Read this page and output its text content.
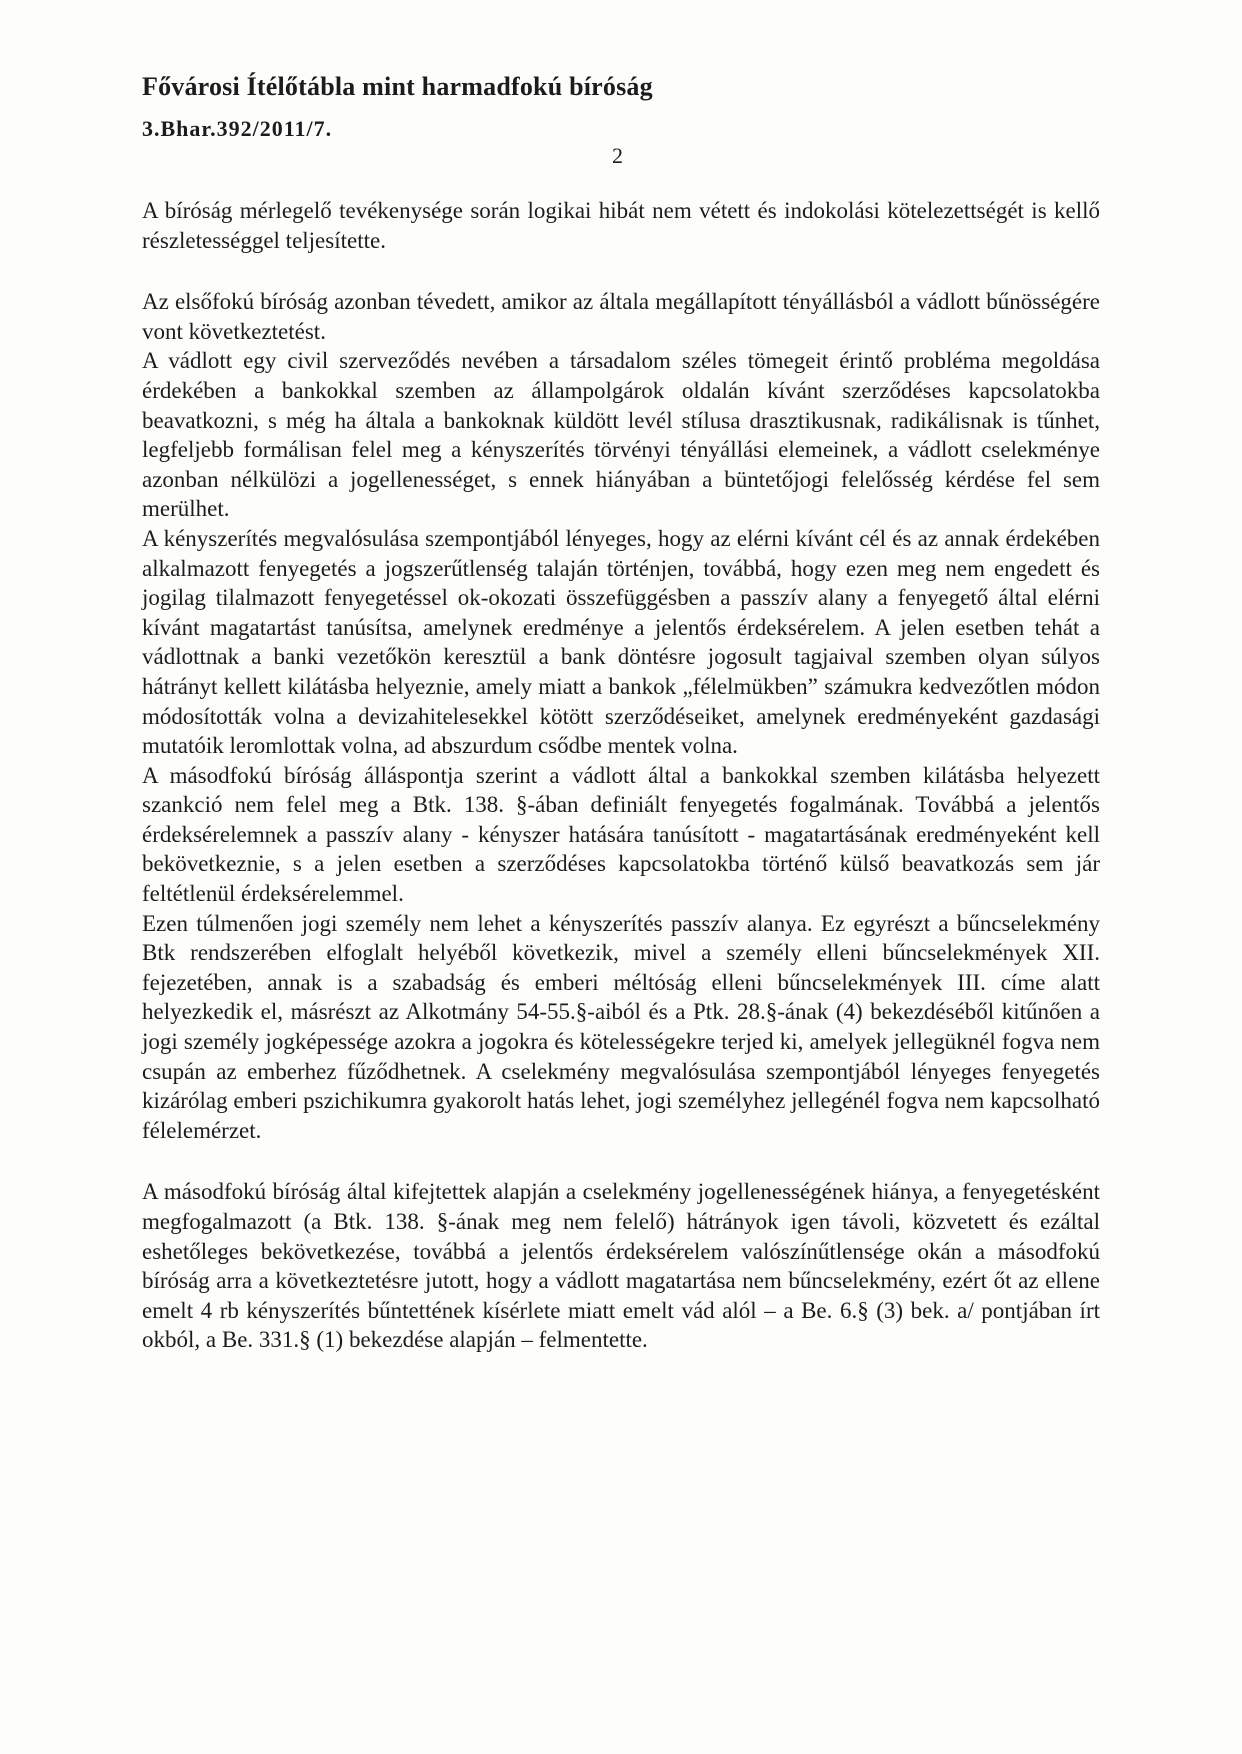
Fővárosi Ítélőtábla mint harmadfokú bíróság
3.Bhar.392/2011/7.
2

A bíróság mérlegelő tevékenysége során logikai hibát nem vétett és indokolási kötelezettségét is kellő részletességgel teljesítette.

Az elsőfokú bíróság azonban tévedett, amikor az általa megállapított tényállásból a vádlott bűnösségére vont következtetést.

A vádlott egy civil szerveződés nevében a társadalom széles tömegeit érintő probléma megoldása érdekében a bankokkal szemben az állampolgárok oldalán kívánt szerződéses kapcsolatokba beavatkozni, s még ha általa a bankoknak küldött levél stílusa drasztikusnak, radikálisnak is tűnhet, legfeljebb formálisan felel meg a kényszerítés törvényi tényállási elemeinek, a vádlott cselekménye azonban nélkülözi a jogellenességet, s ennek hiányában a büntetőjogi felelősség kérdése fel sem merülhet.

A kényszerítés megvalósulása szempontjából lényeges, hogy az elérni kívánt cél és az annak érdekében alkalmazott fenyegetés a jogszerűtlenség talaján történjen, továbbá, hogy ezen meg nem engedett és jogilag tilalmazott fenyegetéssel ok-okozati összefüggésben a passzív alany a fenyegető által elérni kívánt magatartást tanúsítsa, amelynek eredménye a jelentős érdeksérelem. A jelen esetben tehát a vádlottnak a banki vezetőkön keresztül a bank döntésre jogosult tagjaival szemben olyan súlyos hátrányt kellett kilátásba helyeznie, amely miatt a bankok „félelmükben” számukra kedvezőtlen módon módosították volna a devizahitelesekkel kötött szerződéseiket, amelynek eredményeként gazdasági mutatóik leromlottak volna, ad abszurdum csődbe mentek volna.

A másodfokú bíróság álláspontja szerint a vádlott által a bankokkal szemben kilátásba helyezett szankció nem felel meg a Btk. 138. §-ában definiált fenyegetés fogalmának. Továbbá a jelentős érdeksérelemnek a passzív alany - kényszer hatására tanúsított - magatartásának eredményeként kell bekövetkeznie, s a jelen esetben a szerződéses kapcsolatokba történő külső beavatkozás sem jár feltétlenül érdeksérelemmel.

Ezen túlmenően jogi személy nem lehet a kényszerítés passzív alanya. Ez egyrészt a bűncselekmény Btk rendszerében elfoglalt helyéből következik, mivel a személy elleni bűncselekmények XII. fejezetében, annak is a szabadság és emberi méltóság elleni bűncselekmények III. címe alatt helyezkedik el, másrészt az Alkotmány 54-55.§-aiból és a Ptk. 28.§-ának (4) bekezdéséből kitűnően a jogi személy jogképessége azokra a jogokra és kötelességekre terjed ki, amelyek jellegüknél fogva nem csupán az emberhez fűződhetnek. A cselekmény megvalósulása szempontjából lényeges fenyegetés kizárólag emberi pszichikumra gyakorolt hatás lehet, jogi személyhez jellegénél fogva nem kapcsolható félelemérzet.

A másodfokú bíróság által kifejtettek alapján a cselekmény jogellenességének hiánya, a fenyegetésként megfogalmazott (a Btk. 138. §-ának meg nem felelő) hátrányok igen távoli, közvetett és ezáltal eshetőleges bekövetkezése, továbbá a jelentős érdeksérelem valószínűtlensége okán a másodfokú bíróság arra a következtetésre jutott, hogy a vádlott magatartása nem bűncselekmény, ezért őt az ellene emelt 4 rb kényszerítés bűntettének kísérlete miatt emelt vád alól – a Be. 6.§ (3) bek. a/ pontjában írt okból, a Be. 331.§ (1) bekezdése alapján – felmentette.
